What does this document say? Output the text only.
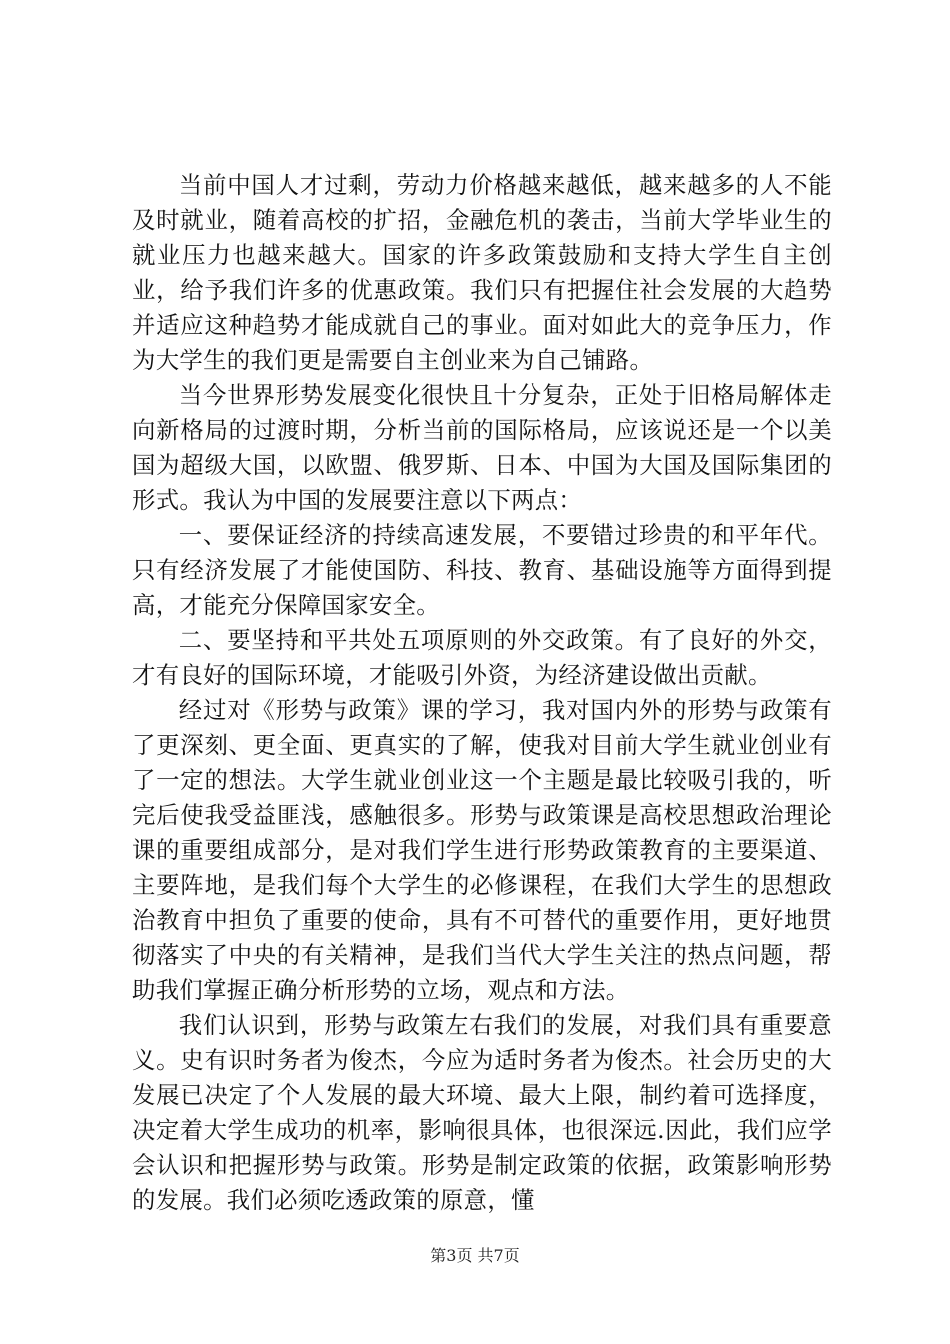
当前中国人才过剩，劳动力价格越来越低，越来越多的人不能及时就业，随着高校的扩招，金融危机的袭击，当前大学毕业生的就业压力也越来越大。国家的许多政策鼓励和支持大学生自主创业，给予我们许多的优惠政策。我们只有把握住社会发展的大趋势并适应这种趋势才能成就自己的事业。面对如此大的竞争压力，作为大学生的我们更是需要自主创业来为自己铺路。

当今世界形势发展变化很快且十分复杂，正处于旧格局解体走向新格局的过渡时期，分析当前的国际格局，应该说还是一个以美国为超级大国，以欧盟、俄罗斯、日本、中国为大国及国际集团的形式。我认为中国的发展要注意以下两点：

一、要保证经济的持续高速发展，不要错过珍贵的和平年代。只有经济发展了才能使国防、科技、教育、基础设施等方面得到提高，才能充分保障国家安全。

二、要坚持和平共处五项原则的外交政策。有了良好的外交，才有良好的国际环境，才能吸引外资，为经济建设做出贡献。

经过对《形势与政策》课的学习，我对国内外的形势与政策有了更深刻、更全面、更真实的了解，使我对目前大学生就业创业有了一定的想法。大学生就业创业这一个主题是最比较吸引我的，听完后使我受益匪浅，感触很多。形势与政策课是高校思想政治理论课的重要组成部分，是对我们学生进行形势政策教育的主要渠道、主要阵地，是我们每个大学生的必修课程，在我们大学生的思想政治教育中担负了重要的使命，具有不可替代的重要作用，更好地贯彻落实了中央的有关精神，是我们当代大学生关注的热点问题，帮助我们掌握正确分析形势的立场，观点和方法。

我们认识到，形势与政策左右我们的发展，对我们具有重要意义。史有识时务者为俊杰，今应为适时务者为俊杰。社会历史的大发展已决定了个人发展的最大环境、最大上限，制约着可选择度，决定着大学生成功的机率，影响很具体，也很深远.因此，我们应学会认识和把握形势与政策。形势是制定政策的依据，政策影响形势的发展。我们必须吃透政策的原意，懂

第3页 共7页
